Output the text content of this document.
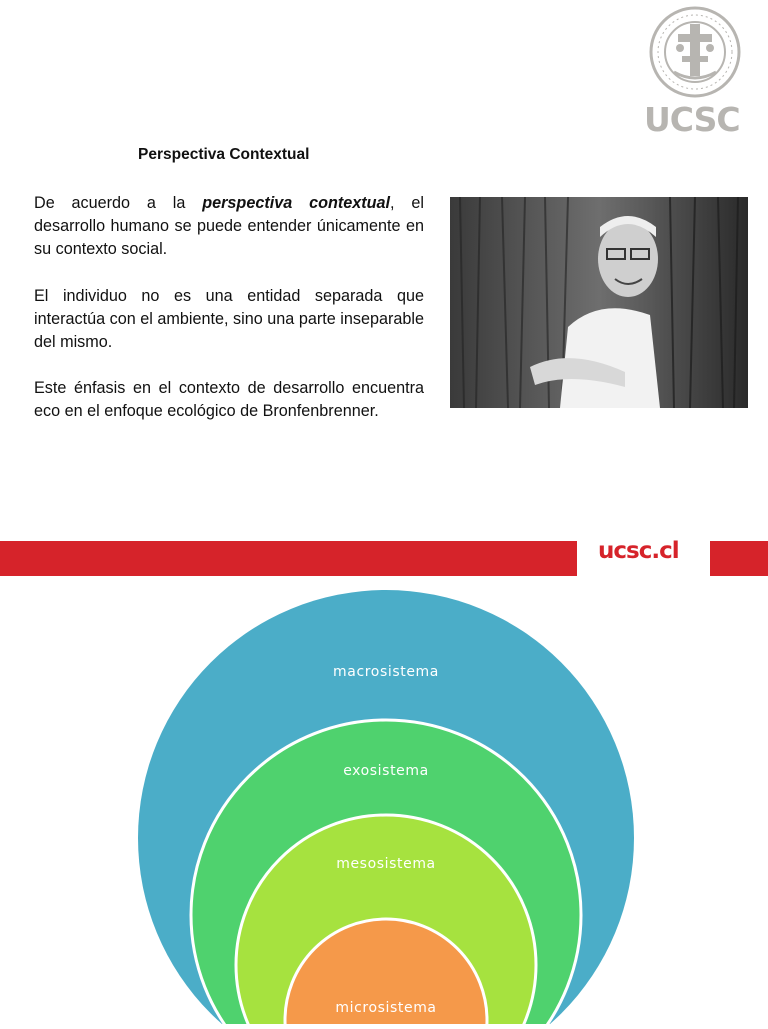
UCSC
Perspectiva Contextual

De acuerdo a la perspectiva contextual, el desarrollo humano se puede entender únicamente en su contexto social.

El individuo no es una entidad separada que interactúa con el ambiente, sino una parte inseparable del mismo.

Este énfasis en el contexto de desarrollo encuentra eco en el enfoque ecológico de Bronfenbrenner.

ucsc.cl
macrosistema
exosistema
mesosistema
microsistema
